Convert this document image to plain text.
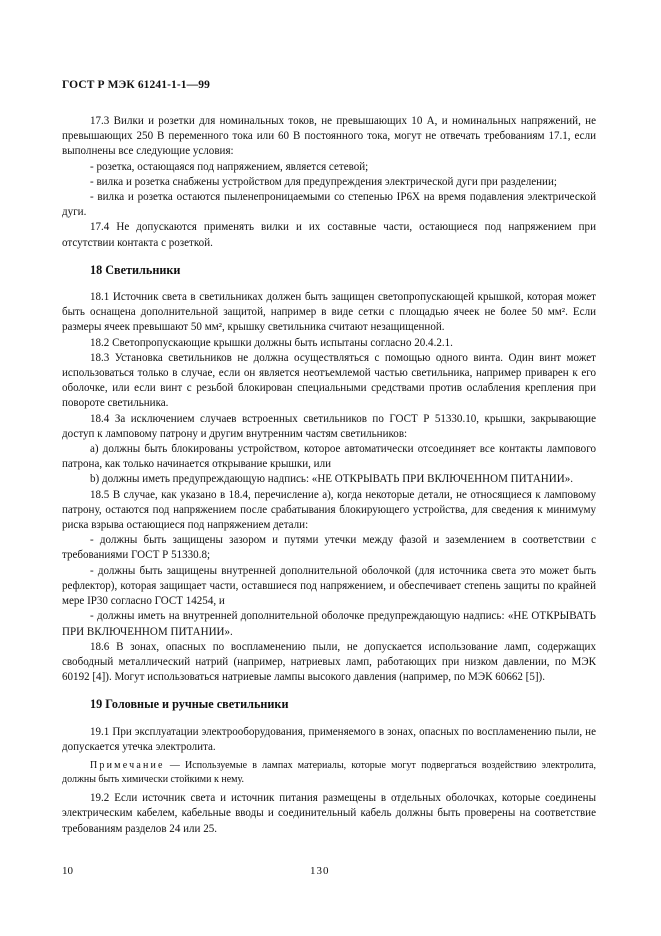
ГОСТ Р МЭК 61241-1-1—99

17.3 Вилки и розетки для номинальных токов, не превышающих 10 А, и номинальных напряжений, не превышающих 250 В переменного тока или 60 В постоянного тока, могут не отвечать требованиям 17.1, если выполнены все следующие условия:

- розетка, остающаяся под напряжением, является сетевой;

- вилка и розетка снабжены устройством для предупреждения электрической дуги при разделении;

- вилка и розетка остаются пыленепроницаемыми со степенью IP6X на время подавления электрической дуги.

17.4 Не допускаются применять вилки и их составные части, остающиеся под напряжением при отсутствии контакта с розеткой.

18 Светильники

18.1 Источник света в светильниках должен быть защищен светопропускающей крышкой, которая может быть оснащена дополнительной защитой, например в виде сетки с площадью ячеек не более 50 мм². Если размеры ячеек превышают 50 мм², крышку светильника считают незащищенной.

18.2 Светопропускающие крышки должны быть испытаны согласно 20.4.2.1.

18.3 Установка светильников не должна осуществляться с помощью одного винта. Один винт может использоваться только в случае, если он является неотъемлемой частью светильника, например приварен к его оболочке, или если винт с резьбой блокирован специальными средствами против ослабления крепления при повороте светильника.

18.4 За исключением случаев встроенных светильников по ГОСТ Р 51330.10, крышки, закрывающие доступ к ламповому патрону и другим внутренним частям светильников:

а) должны быть блокированы устройством, которое автоматически отсоединяет все контакты лампового патрона, как только начинается открывание крышки, или

b) должны иметь предупреждающую надпись: «НЕ ОТКРЫВАТЬ ПРИ ВКЛЮЧЕННОМ ПИТАНИИ».

18.5 В случае, как указано в 18.4, перечисление а), когда некоторые детали, не относящиеся к ламповому патрону, остаются под напряжением после срабатывания блокирующего устройства, для сведения к минимуму риска взрыва остающиеся под напряжением детали:

- должны быть защищены зазором и путями утечки между фазой и заземлением в соответствии с требованиями ГОСТ Р 51330.8;

- должны быть защищены внутренней дополнительной оболочкой (для источника света это может быть рефлектор), которая защищает части, оставшиеся под напряжением, и обеспечивает степень защиты по крайней мере IP30 согласно ГОСТ 14254, и

- должны иметь на внутренней дополнительной оболочке предупреждающую надпись: «НЕ ОТКРЫВАТЬ ПРИ ВКЛЮЧЕННОМ ПИТАНИИ».

18.6 В зонах, опасных по воспламенению пыли, не допускается использование ламп, содержащих свободный металлический натрий (например, натриевых ламп, работающих при низком давлении, по МЭК 60192 [4]). Могут использоваться натриевые лампы высокого давления (например, по МЭК 60662 [5]).

19 Головные и ручные светильники

19.1 При эксплуатации электрооборудования, применяемого в зонах, опасных по воспламенению пыли, не допускается утечка электролита.

Примечание — Используемые в лампах материалы, которые могут подвергаться воздействию электролита, должны быть химически стойкими к нему.

19.2 Если источник света и источник питания размещены в отдельных оболочках, которые соединены электрическим кабелем, кабельные вводы и соединительный кабель должны быть проверены на соответствие требованиям разделов 24 или 25.

10	130
